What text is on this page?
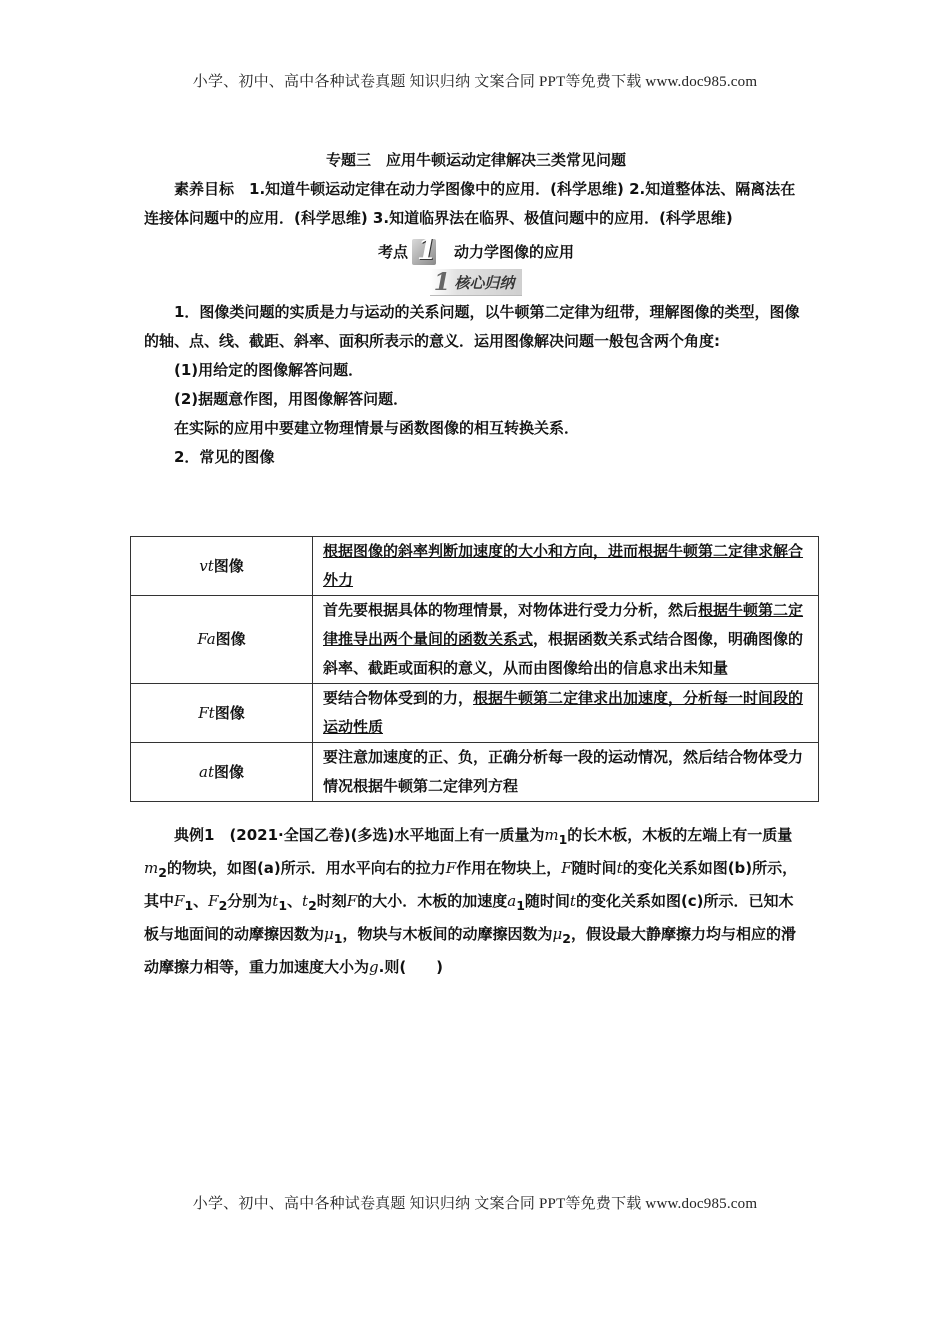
小学、初中、高中各种试卷真题 知识归纳 文案合同 PPT等免费下载 www.doc985.com

专题三　应用牛顿运动定律解决三类常见问题

素养目标　1.知道牛顿运动定律在动力学图像中的应用．(科学思维) 2.知道整体法、隔离法在连接体问题中的应用．(科学思维) 3.知道临界法在临界、极值问题中的应用．(科学思维)

考点 1 动力学图像的应用
1 核心归纳

1．图像类问题的实质是力与运动的关系问题，以牛顿第二定律为纽带，理解图像的类型，图像的轴、点、线、截距、斜率、面积所表示的意义．运用图像解决问题一般包含两个角度:

(1)用给定的图像解答问题．

(2)据题意作图，用图像解答问题．

在实际的应用中要建立物理情景与函数图像的相互转换关系．

2．常见的图像

vt图像	根据图像的斜率判断加速度的大小和方向，进而根据牛顿第二定律求解合外力
Fa图像	首先要根据具体的物理情景，对物体进行受力分析，然后根据牛顿第二定律推导出两个量间的函数关系式，根据函数关系式结合图像，明确图像的斜率、截距或面积的意义，从而由图像给出的信息求出未知量
Ft图像	要结合物体受到的力，根据牛顿第二定律求出加速度，分析每一时间段的运动性质
at图像	要注意加速度的正、负，正确分析每一段的运动情况，然后结合物体受力情况根据牛顿第二定律列方程

典例1　 (2021·全国乙卷)(多选)水平地面上有一质量为$m_1$的长木板，木板的左端上有一质量$m_2$的物块，如图(a)所示．用水平向右的拉力F作用在物块上，F随时间t的变化关系如图(b)所示，其中$F_1$、$F_2$分别为$t_1$、$t_2$时刻F的大小．木板的加速度$a_1$随时间t的变化关系如图(c)所示．已知木板与地面间的动摩擦因数为$\mu_1$，物块与木板间的动摩擦因数为$\mu_2$，假设最大静摩擦力均与相应的滑动摩擦力相等，重力加速度大小为g.则(　　)

小学、初中、高中各种试卷真题 知识归纳 文案合同 PPT等免费下载 www.doc985.com
